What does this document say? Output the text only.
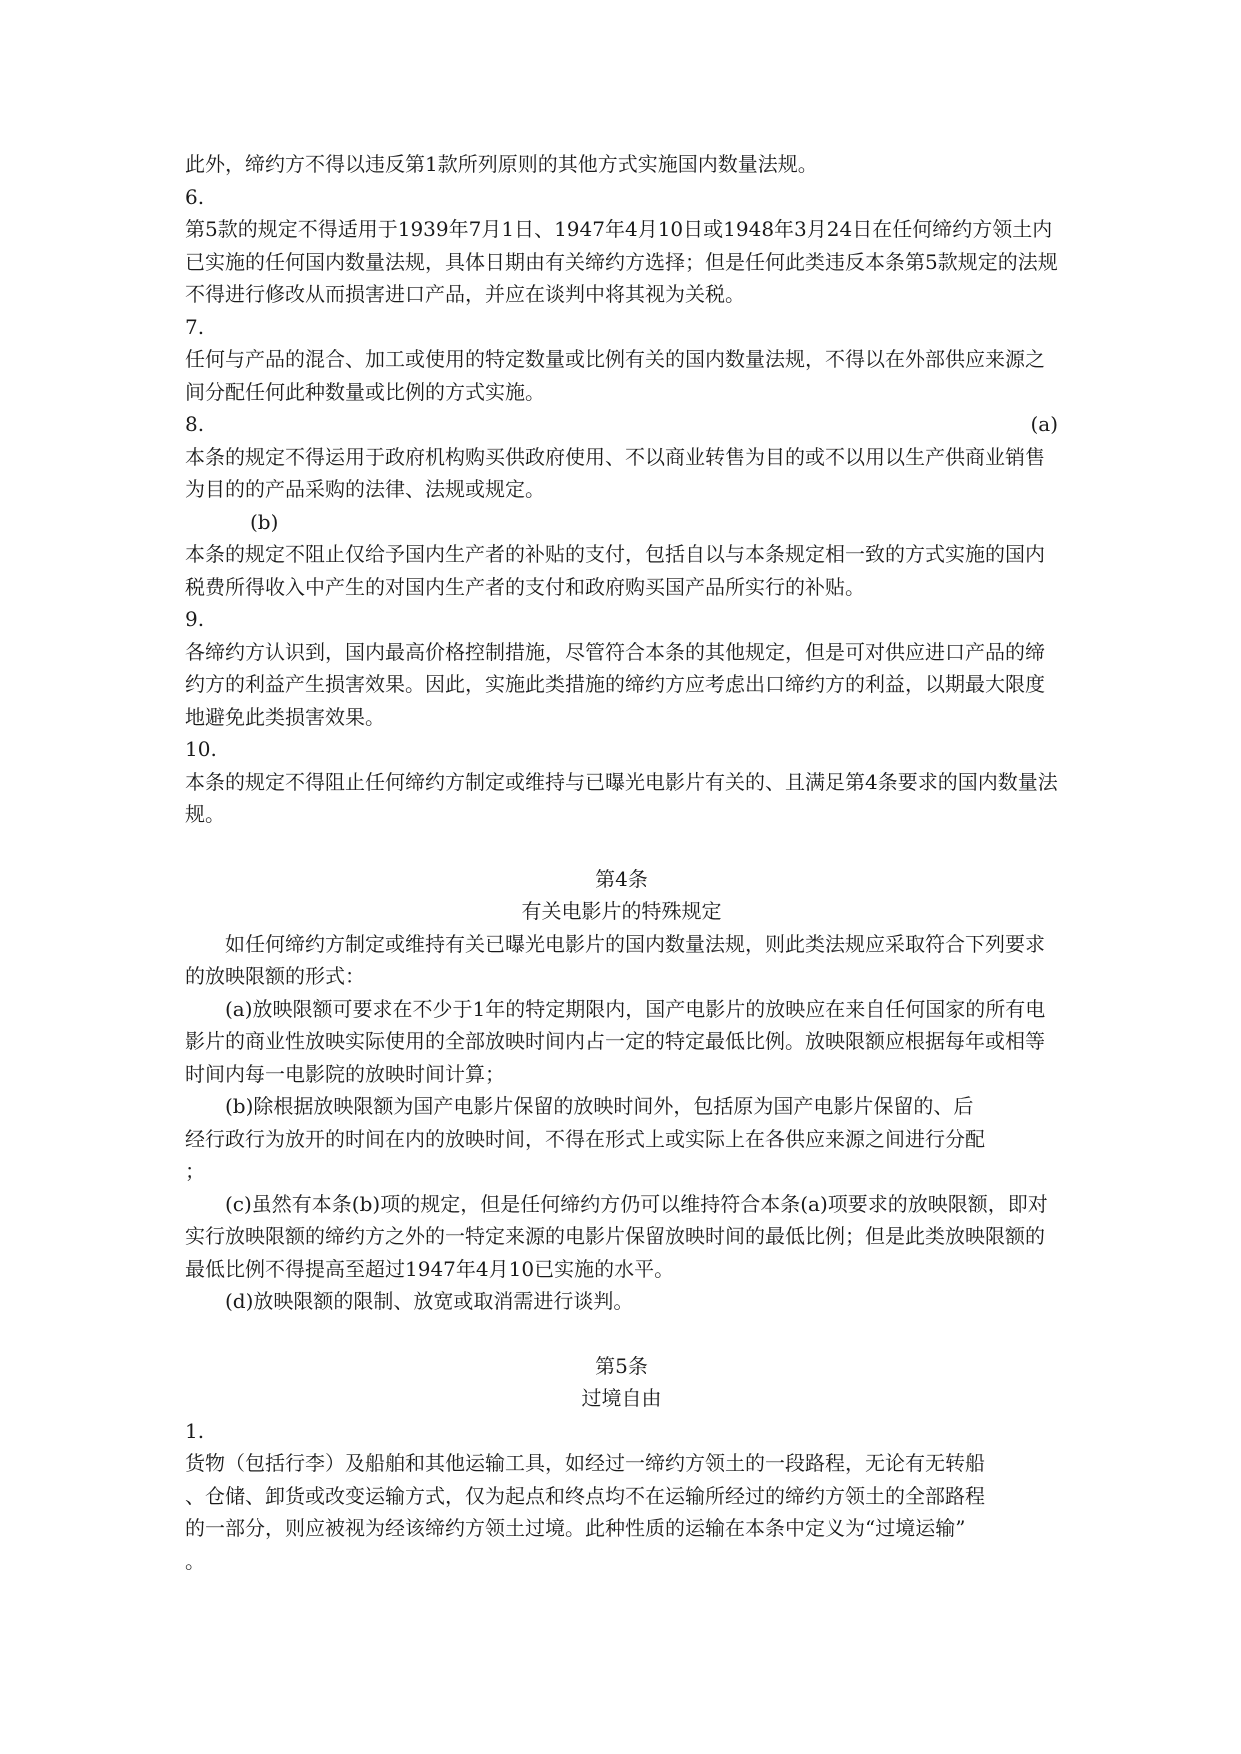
此外，缔约方不得以违反第1款所列原则的其他方式实施国内数量法规。

6.

第5款的规定不得适用于1939年7月1日、1947年4月10日或1948年3月24日在任何缔约方领土内已实施的任何国内数量法规，具体日期由有关缔约方选择；但是任何此类违反本条第5款规定的法规不得进行修改从而损害进口产品，并应在谈判中将其视为关税。

7.

任何与产品的混合、加工或使用的特定数量或比例有关的国内数量法规，不得以在外部供应来源之间分配任何此种数量或比例的方式实施。

8.	(a)

本条的规定不得运用于政府机构购买供政府使用、不以商业转售为目的或不以用以生产供商业销售为目的的产品采购的法律、法规或规定。

(b)

本条的规定不阻止仅给予国内生产者的补贴的支付，包括自以与本条规定相一致的方式实施的国内税费所得收入中产生的对国内生产者的支付和政府购买国产品所实行的补贴。

9.

各缔约方认识到，国内最高价格控制措施，尽管符合本条的其他规定，但是可对供应进口产品的缔约方的利益产生损害效果。因此，实施此类措施的缔约方应考虑出口缔约方的利益，以期最大限度地避免此类损害效果。

10.

本条的规定不得阻止任何缔约方制定或维持与已曝光电影片有关的、且满足第4条要求的国内数量法规。

第4条
有关电影片的特殊规定

如任何缔约方制定或维持有关已曝光电影片的国内数量法规，则此类法规应采取符合下列要求的放映限额的形式：

(a)放映限额可要求在不少于1年的特定期限内，国产电影片的放映应在来自任何国家的所有电影片的商业性放映实际使用的全部放映时间内占一定的特定最低比例。放映限额应根据每年或相等时间内每一电影院的放映时间计算；

(b)除根据放映限额为国产电影片保留的放映时间外，包括原为国产电影片保留的、后
经行政行为放开的时间在内的放映时间，不得在形式上或实际上在各供应来源之间进行分配
；

(c)虽然有本条(b)项的规定，但是任何缔约方仍可以维持符合本条(a)项要求的放映限额，即对实行放映限额的缔约方之外的一特定来源的电影片保留放映时间的最低比例；但是此类放映限额的最低比例不得提高至超过1947年4月10已实施的水平。

(d)放映限额的限制、放宽或取消需进行谈判。

第5条
过境自由
1.
货物（包括行李）及船舶和其他运输工具，如经过一缔约方领土的一段路程，无论有无转船
、仓储、卸货或改变运输方式，仅为起点和终点均不在运输所经过的缔约方领土的全部路程
的一部分，则应被视为经该缔约方领土过境。此种性质的运输在本条中定义为“过境运输”
。
